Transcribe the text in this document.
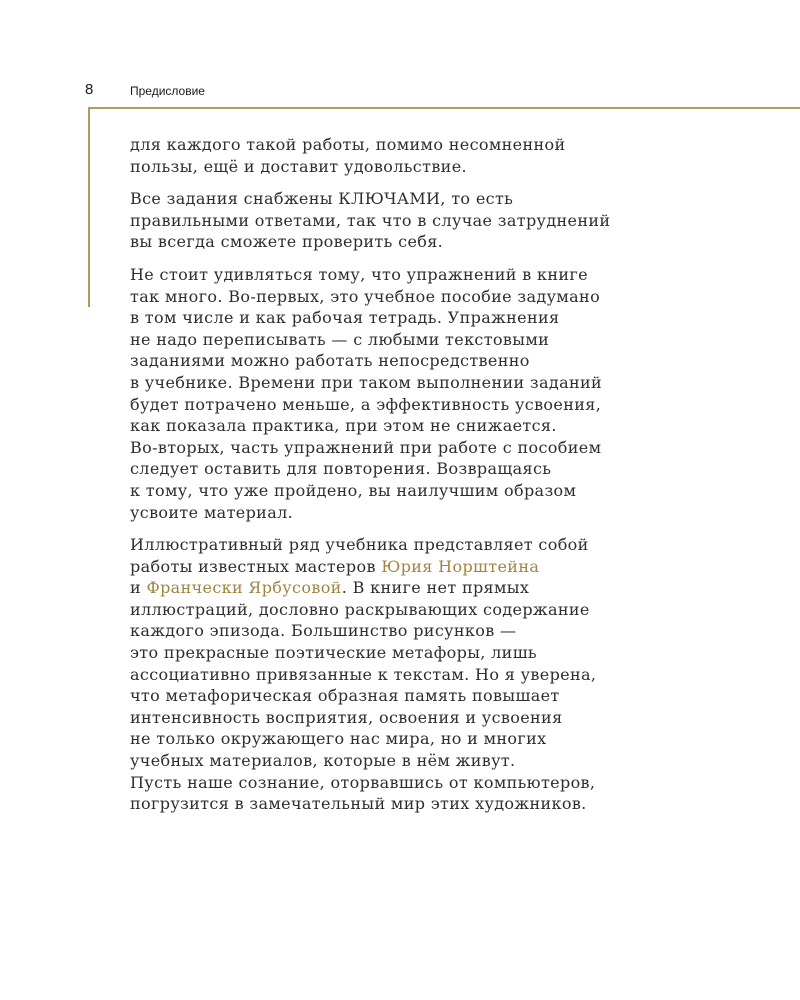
8	Предисловие

для каждого такой работы, помимо несомненной
пользы, ещё и доставит удовольствие.

Все задания снабжены КЛЮЧАМИ, то есть
правильными ответами, так что в случае затруднений
вы всегда сможете проверить себя.

Не стоит удивляться тому, что упражнений в книге
так много. Во-первых, это учебное пособие задумано
в том числе и как рабочая тетрадь. Упражнения
не надо переписывать — с любыми текстовыми
заданиями можно работать непосредственно
в учебнике. Времени при таком выполнении заданий
будет потрачено меньше, а эффективность усвоения,
как показала практика, при этом не снижается.
Во-вторых, часть упражнений при работе с пособием
следует оставить для повторения. Возвращаясь
к тому, что уже пройдено, вы наилучшим образом
усвоите материал.

Иллюстративный ряд учебника представляет собой
работы известных мастеров Юрия Норштейна
и Франчески Ярбусовой. В книге нет прямых
иллюстраций, дословно раскрывающих содержание
каждого эпизода. Большинство рисунков —
это прекрасные поэтические метафоры, лишь
ассоциативно привязанные к текстам. Но я уверена,
что метафорическая образная память повышает
интенсивность восприятия, освоения и усвоения
не только окружающего нас мира, но и многих
учебных материалов, которые в нём живут.
Пусть наше сознание, оторвавшись от компьютеров,
погрузится в замечательный мир этих художников.
